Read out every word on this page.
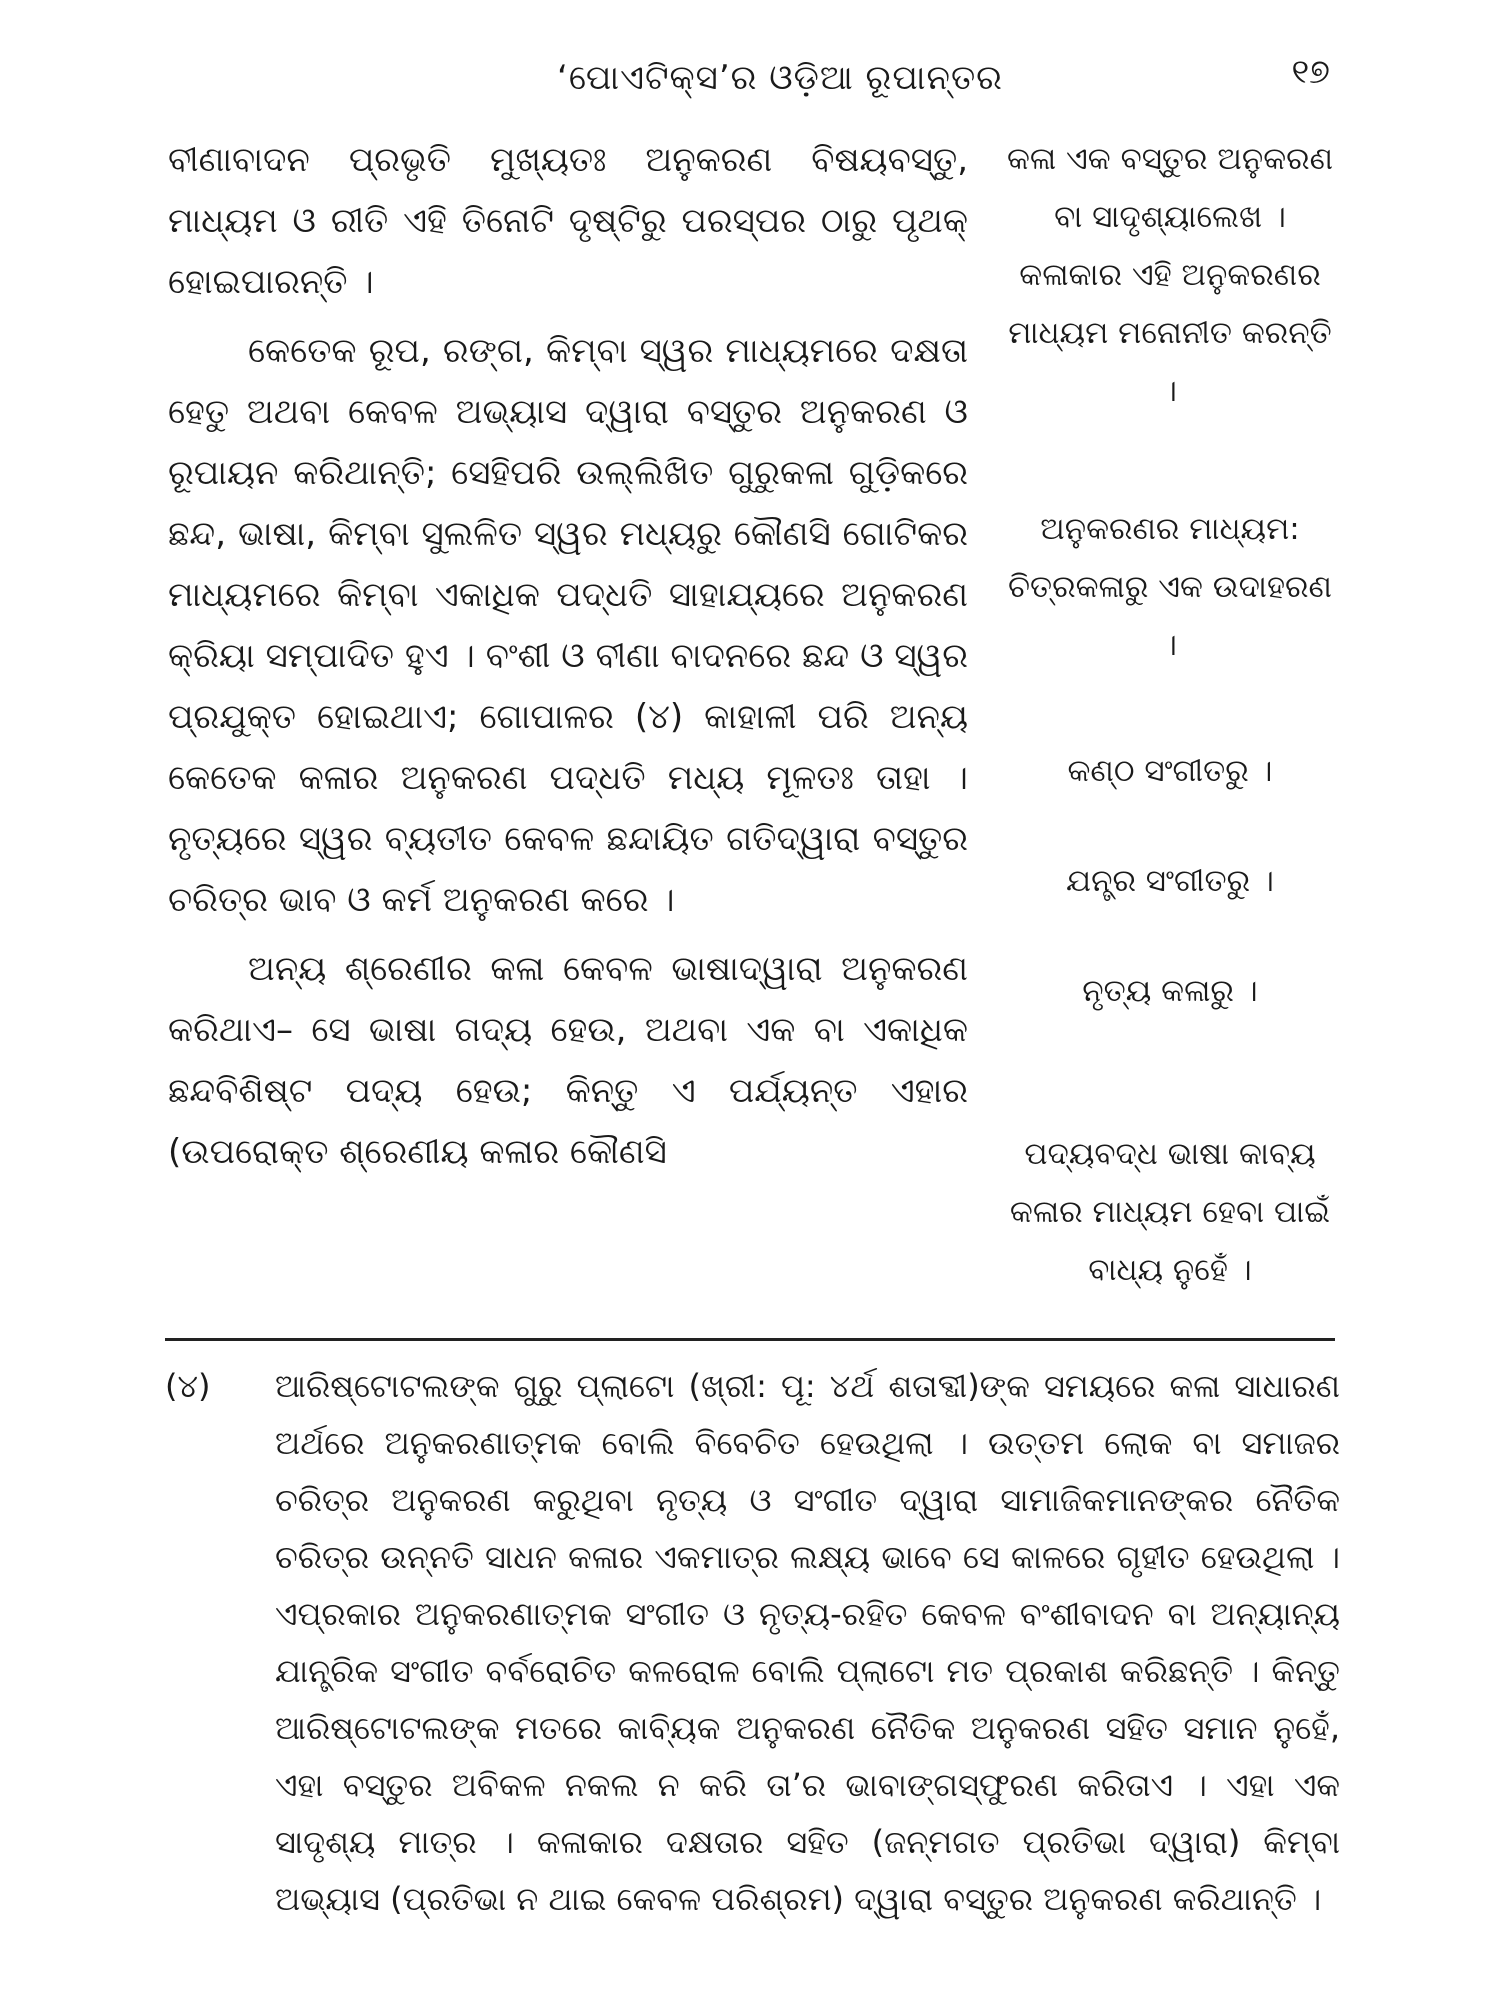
‘ପୋଏଟିକ୍ସ’ର ଓଡ଼ିଆ ରୂପାନ୍ତର	୧୭

ବୀଣାବାଦନ ପ୍ରଭୃତି ମୁଖ୍ୟତଃ ଅନୁକରଣ ବିଷୟବସ୍ତୁ, ମାଧ୍ୟମ ଓ ରୀତି ଏହି ତିନୋଟି ଦୃଷ୍ଟିରୁ ପରସ୍ପର ଠାରୁ ପୃଥକ୍ ହୋଇପାରନ୍ତି ।

କେତେକ ରୂପ, ରଙ୍ଗ, କିମ୍ବା ସ୍ୱର ମାଧ୍ୟମରେ ଦକ୍ଷତା ହେତୁ ଅଥବା କେବଳ ଅଭ୍ୟାସ ଦ୍ୱାରା ବସ୍ତୁର ଅନୁକରଣ ଓ ରୂପାୟନ କରିଥାନ୍ତି; ସେହିପରି ଉଲ୍ଲିଖିତ ଗୁରୁକଳା ଗୁଡ଼ିକରେ ଛନ୍ଦ, ଭାଷା, କିମ୍ବା ସୁଲଳିତ ସ୍ୱର ମଧ୍ୟରୁ କୌଣସି ଗୋଟିକର ମାଧ୍ୟମରେ କିମ୍ବା ଏକାଧିକ ପଦ୍ଧତି ସାହାଯ୍ୟରେ ଅନୁକରଣ କ୍ରିୟା ସମ୍ପାଦିତ ହୁଏ । ବଂଶୀ ଓ ବୀଣା ବାଦନରେ ଛନ୍ଦ ଓ ସ୍ୱର ପ୍ରଯୁକ୍ତ ହୋଇଥାଏ; ଗୋପାଳର (୪) କାହାଳୀ ପରି ଅନ୍ୟ କେତେକ କଳାର ଅନୁକରଣ ପଦ୍ଧତି ମଧ୍ୟ ମୂଳତଃ ତାହା । ନୃତ୍ୟରେ ସ୍ୱର ବ୍ୟତୀତ କେବଳ ଛନ୍ଦାୟିତ ଗତିଦ୍ୱାରା ବସ୍ତୁର ଚରିତ୍ର ଭାବ ଓ କର୍ମ ଅନୁକରଣ କରେ ।

ଅନ୍ୟ ଶ୍ରେଣୀର କଳା କେବଳ ଭାଷାଦ୍ୱାରା ଅନୁକରଣ କରିଥାଏ– ସେ ଭାଷା ଗଦ୍ୟ ହେଉ, ଅଥବା ଏକ ବା ଏକାଧିକ ଛନ୍ଦବିଶିଷ୍ଟ ପଦ୍ୟ ହେଉ; କିନ୍ତୁ ଏ ପର୍ଯ୍ୟନ୍ତ ଏହାର (ଉପରୋକ୍ତ ଶ୍ରେଣୀୟ କଳାର କୌଣସି

କଳା ଏକ ବସ୍ତୁର ଅନୁକରଣ ବା ସାଦୃଶ୍ୟାଲେଖ । କଳାକାର ଏହି ଅନୁକରଣର ମାଧ୍ୟମ ମନୋନୀତ କରନ୍ତି ।
ଅନୁକରଣର ମାଧ୍ୟମ: ଚିତ୍ରକଳାରୁ ଏକ ଉଦାହରଣ ।
କଣ୍ଠ ସଂଗୀତରୁ ।
ଯନ୍ତ୍ର ସଂଗୀତରୁ ।
ନୃତ୍ୟ କଳାରୁ ।
ପଦ୍ୟବଦ୍ଧ ଭାଷା କାବ୍ୟ କଳାର ମାଧ୍ୟମ ହେବା ପାଇଁ ବାଧ୍ୟ ନୁହେଁ ।
(୪) ଆରିଷ୍ଟୋଟଲଙ୍କ ଗୁରୁ ପ୍ଲାଟୋ (ଖ୍ରୀ: ପୂ: ୪ର୍ଥ ଶତାବ୍ଦୀ)ଙ୍କ ସମୟରେ କଳା ସାଧାରଣ ଅର୍ଥରେ ଅନୁକରଣାତ୍ମକ ବୋଲି ବିବେଚିତ ହେଉଥିଲା । ଉତ୍ତମ ଲୋକ ବା ସମାଜର ଚରିତ୍ର ଅନୁକରଣ କରୁଥିବା ନୃତ୍ୟ ଓ ସଂଗୀତ ଦ୍ୱାରା ସାମାଜିକମାନଙ୍କର ନୈତିକ ଚରିତ୍ର ଉନ୍ନତି ସାଧନ କଳାର ଏକମାତ୍ର ଲକ୍ଷ୍ୟ ଭାବେ ସେ କାଳରେ ଗୃହୀତ ହେଉଥିଲା । ଏପ୍ରକାର ଅନୁକରଣାତ୍ମକ ସଂଗୀତ ଓ ନୃତ୍ୟ-ରହିତ କେବଳ ବଂଶୀବାଦନ ବା ଅନ୍ୟାନ୍ୟ ଯାନ୍ତ୍ରିକ ସଂଗୀତ ବର୍ବରୋଚିତ କଳରୋଳ ବୋଲି ପ୍ଲାଟୋ ମତ ପ୍ରକାଶ କରିଛନ୍ତି । କିନ୍ତୁ ଆରିଷ୍ଟୋଟଲଙ୍କ ମତରେ କାବ୍ୟିକ ଅନୁକରଣ ନୈତିକ ଅନୁକରଣ ସହିତ ସମାନ ନୁହେଁ, ଏହା ବସ୍ତୁର ଅବିକଳ ନକଲ ନ କରି ତା’ର ଭାବାଙ୍ଗସ୍ଫୁରଣ କରିତାଏ । ଏହା ଏକ ସାଦୃଶ୍ୟ ମାତ୍ର । କଳାକାର ଦକ୍ଷତାର ସହିତ (ଜନ୍ମଗତ ପ୍ରତିଭା ଦ୍ୱାରା) କିମ୍ବା ଅଭ୍ୟାସ (ପ୍ରତିଭା ନ ଥାଇ କେବଳ ପରିଶ୍ରମ) ଦ୍ୱାରା ବସ୍ତୁର ଅନୁକରଣ କରିଥାନ୍ତି ।
